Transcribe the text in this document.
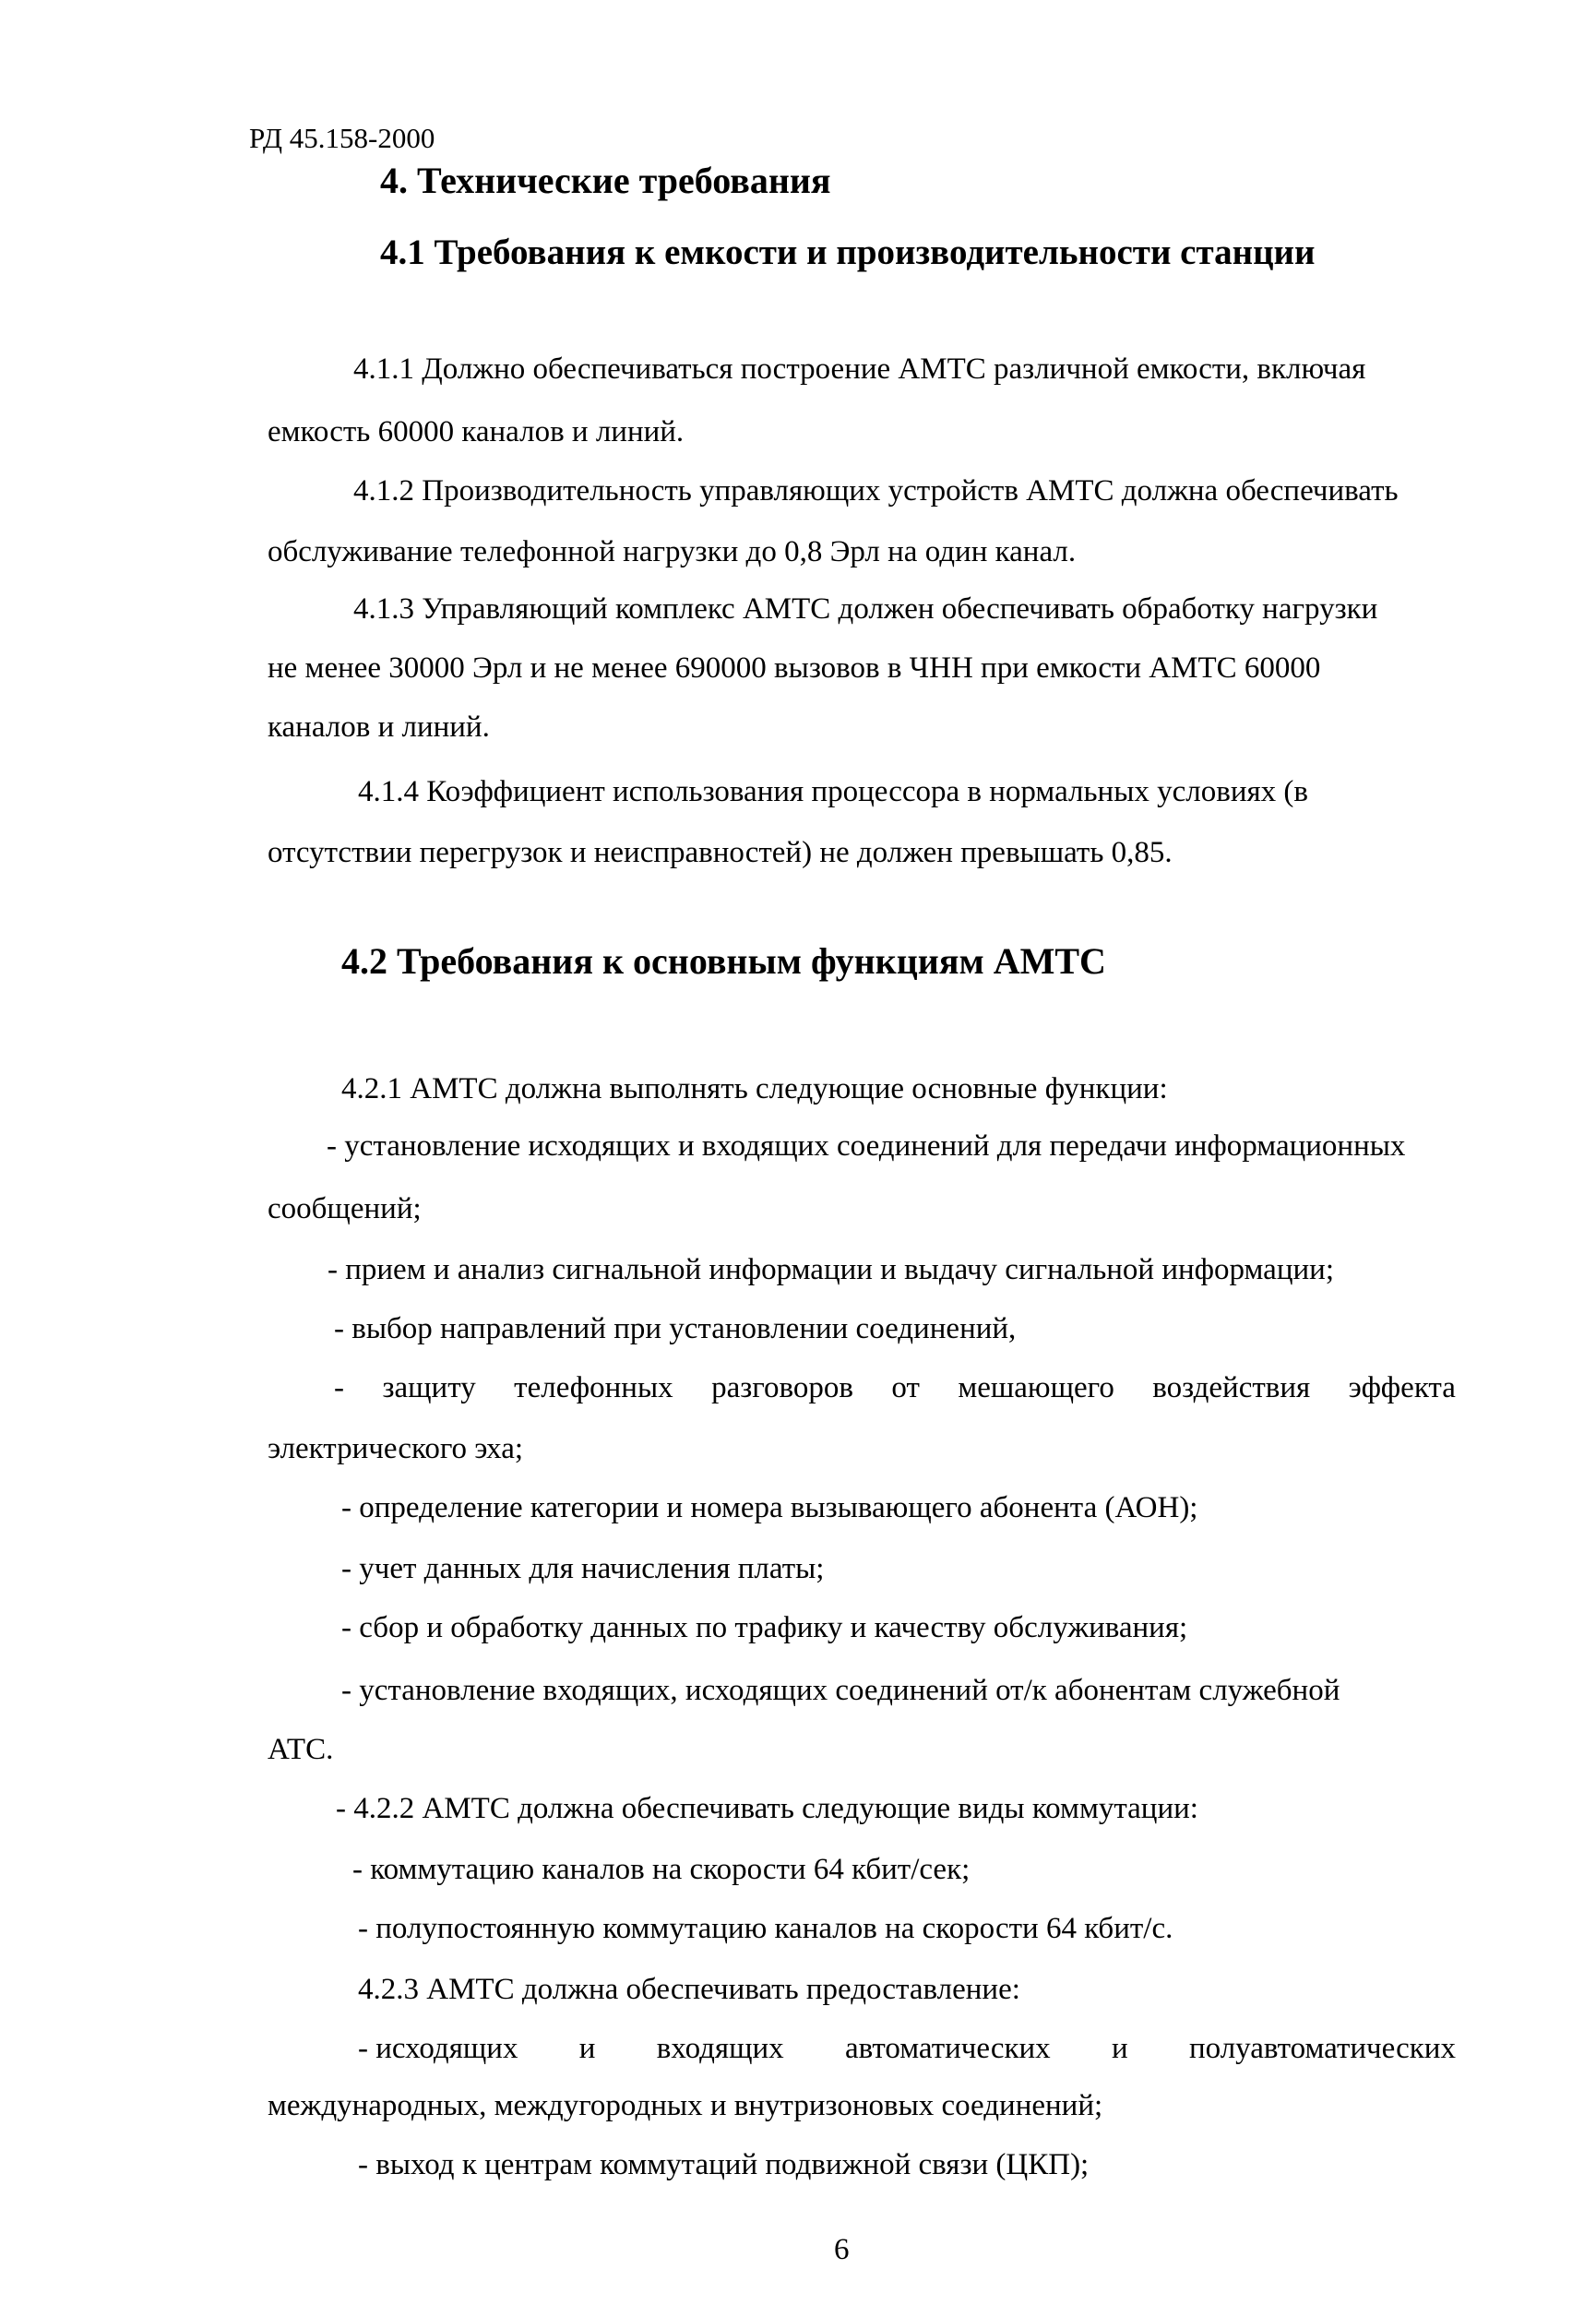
РД 45.158-2000

4. Технические требования

4.1 Требования к емкости и производительности станции

4.1.1 Должно обеспечиваться построение АМТС различной емкости, включая

емкость 60000 каналов и линий.

4.1.2 Производительность управляющих устройств АМТС должна обеспечивать

обслуживание телефонной нагрузки до 0,8 Эрл на один канал.

4.1.3 Управляющий комплекс АМТС должен обеспечивать обработку нагрузки

не менее 30000 Эрл и не менее 690000 вызовов в ЧНН при емкости АМТС 60000

каналов и линий.

4.1.4 Коэффициент использования процессора в нормальных условиях (в

отсутствии перегрузок и неисправностей) не должен превышать 0,85.

4.2 Требования к основным функциям АМТС

4.2.1 АМТС должна выполнять следующие основные функции:

- установление исходящих и входящих соединений для передачи информационных

сообщений;

- прием и анализ сигнальной информации и выдачу сигнальной информации;

- выбор направлений при установлении соединений,

- защиту телефонных разговоров от мешающего воздействия эффекта

электрического эха;

- определение категории и номера вызывающего абонента (АОН);

- учет данных для начисления платы;

- сбор и обработку данных по трафику и качеству обслуживания;

- установление входящих, исходящих соединений от/к абонентам служебной

АТС.

- 4.2.2 АМТС должна обеспечивать следующие виды коммутации:

- коммутацию каналов на скорости 64 кбит/сек;

- полупостоянную коммутацию каналов на скорости 64 кбит/с.

4.2.3 АМТС должна обеспечивать предоставление:

- исходящих и входящих автоматических и полуавтоматических

международных, междугородных и внутризоновых соединений;

- выход к центрам коммутаций подвижной связи (ЦКП);

6
